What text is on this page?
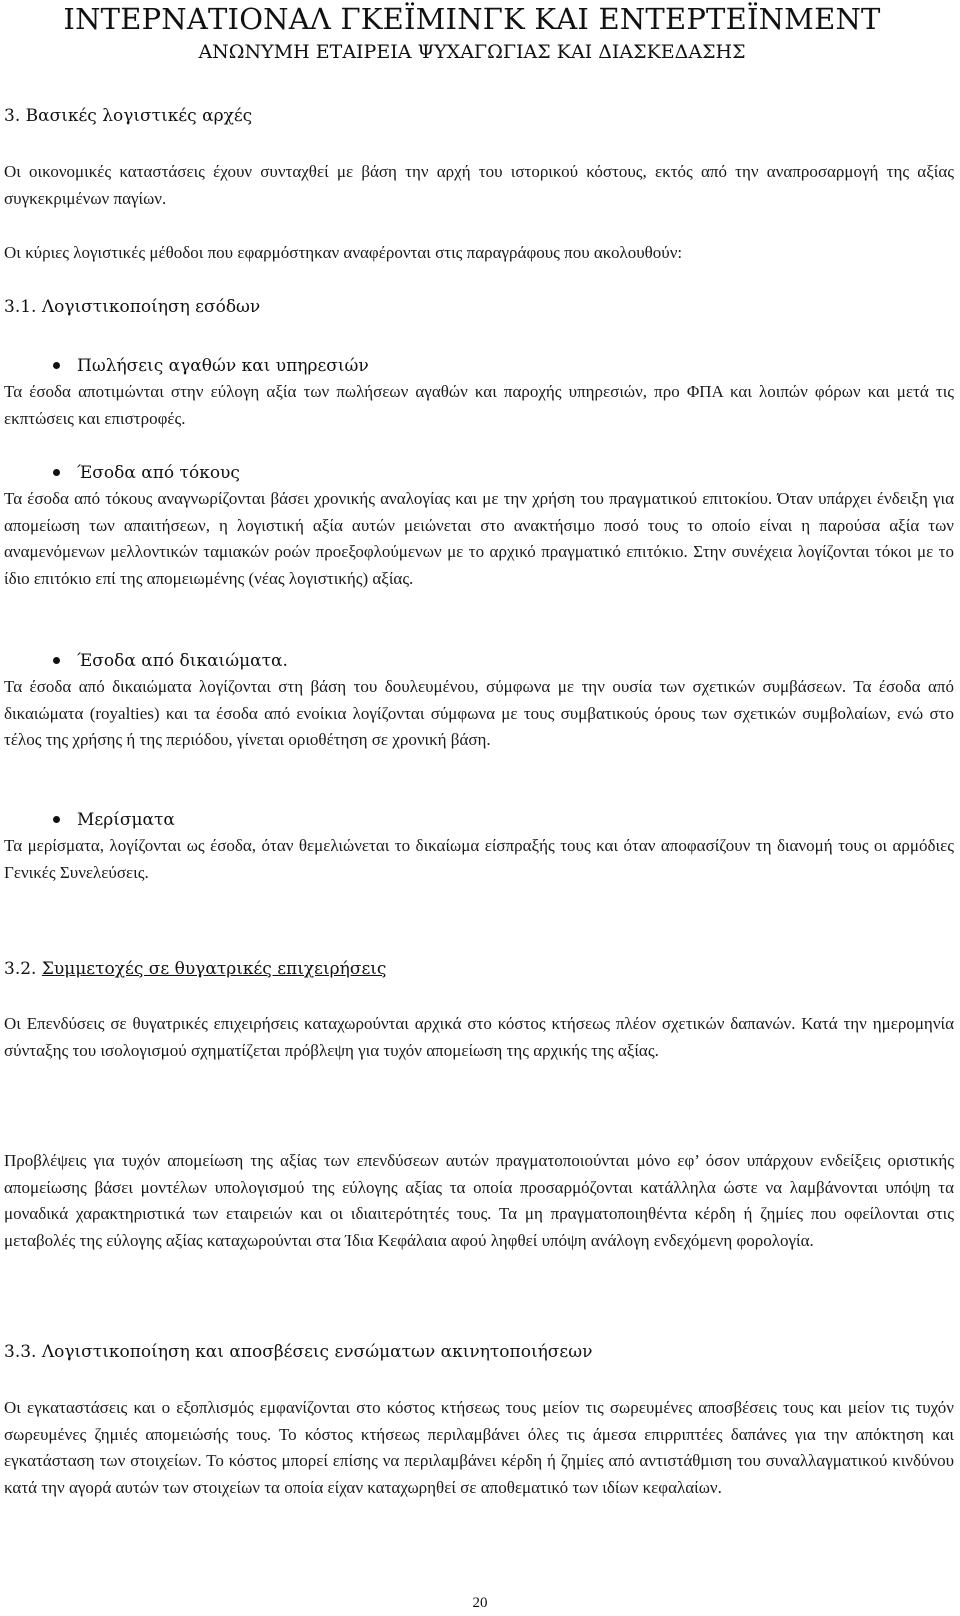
ΙΝΤΕΡΝΑΤΙΟΝΑΛ ΓΚΕΪΜΙΝΓΚ ΚΑΙ ΕΝΤΕΡΤΕΪΝΜΕΝΤ
ΑΝΩΝΥΜΗ ΕΤΑΙΡΕΙΑ ΨΥΧΑΓΩΓΙΑΣ ΚΑΙ ΔΙΑΣΚΕΔΑΣΗΣ
3. Βασικές λογιστικές αρχές

Οι οικονομικές καταστάσεις έχουν συνταχθεί με βάση την αρχή του ιστορικού κόστους, εκτός από την αναπροσαρμογή της αξίας συγκεκριμένων παγίων.

Οι κύριες λογιστικές μέθοδοι που εφαρμόστηκαν αναφέρονται στις παραγράφους που ακολουθούν:

3.1. Λογιστικοποίηση εσόδων
Πωλήσεις αγαθών και υπηρεσιών

Τα έσοδα αποτιμώνται στην εύλογη αξία των πωλήσεων αγαθών και παροχής υπηρεσιών, προ ΦΠΑ και λοιπών φόρων και μετά τις εκπτώσεις και επιστροφές.

Έσοδα από τόκους

Τα έσοδα από τόκους αναγνωρίζονται βάσει χρονικής αναλογίας και με την χρήση του πραγματικού επιτοκίου. Όταν υπάρχει ένδειξη για απομείωση των απαιτήσεων, η λογιστική αξία αυτών μειώνεται στο ανακτήσιμο ποσό τους το οποίο είναι η παρούσα αξία των αναμενόμενων μελλοντικών ταμιακών ροών προεξοφλούμενων με το αρχικό πραγματικό επιτόκιο. Στην συνέχεια λογίζονται τόκοι με το ίδιο επιτόκιο επί της απομειωμένης (νέας λογιστικής) αξίας.

Έσοδα από δικαιώματα.

Τα έσοδα από δικαιώματα λογίζονται στη βάση του δουλευμένου, σύμφωνα με την ουσία των σχετικών συμβάσεων. Τα έσοδα από δικαιώματα (royalties) και τα έσοδα από ενοίκια λογίζονται σύμφωνα με τους συμβατικούς όρους των σχετικών συμβολαίων, ενώ στο τέλος της χρήσης ή της περιόδου, γίνεται οριοθέτηση σε χρονική βάση.

Μερίσματα

Τα μερίσματα, λογίζονται ως έσοδα, όταν θεμελιώνεται το δικαίωμα είσπραξής τους και όταν αποφασίζουν τη διανομή τους οι αρμόδιες Γενικές Συνελεύσεις.

3.2. Συμμετοχές σε θυγατρικές επιχειρήσεις

Οι Επενδύσεις σε θυγατρικές επιχειρήσεις καταχωρούνται αρχικά στο κόστος κτήσεως πλέον σχετικών δαπανών. Κατά την ημερομηνία σύνταξης του ισολογισμού σχηματίζεται πρόβλεψη για τυχόν απομείωση της αρχικής της αξίας.

Προβλέψεις για τυχόν απομείωση της αξίας των επενδύσεων αυτών πραγματοποιούνται μόνο εφ’ όσον υπάρχουν ενδείξεις οριστικής απομείωσης βάσει μοντέλων υπολογισμού της εύλογης αξίας τα οποία προσαρμόζονται κατάλληλα ώστε να λαμβάνονται υπόψη τα μοναδικά χαρακτηριστικά των εταιρειών και οι ιδιαιτερότητές τους. Τα μη πραγματοποιηθέντα κέρδη ή ζημίες που οφείλονται στις μεταβολές της εύλογης αξίας καταχωρούνται στα Ίδια Κεφάλαια αφού ληφθεί υπόψη ανάλογη ενδεχόμενη φορολογία.

3.3. Λογιστικοποίηση και αποσβέσεις ενσώματων ακινητοποιήσεων

Οι εγκαταστάσεις και ο εξοπλισμός εμφανίζονται στο κόστος κτήσεως τους μείον τις σωρευμένες αποσβέσεις τους και μείον τις τυχόν σωρευμένες ζημιές απομειώσής τους. Το κόστος κτήσεως περιλαμβάνει όλες τις άμεσα επιρριπτέες δαπάνες για την απόκτηση και εγκατάσταση των στοιχείων. Το κόστος μπορεί επίσης να περιλαμβάνει κέρδη ή ζημίες από αντιστάθμιση του συναλλαγματικού κινδύνου κατά την αγορά αυτών των στοιχείων τα οποία είχαν καταχωρηθεί σε αποθεματικό των ιδίων κεφαλαίων.

20
